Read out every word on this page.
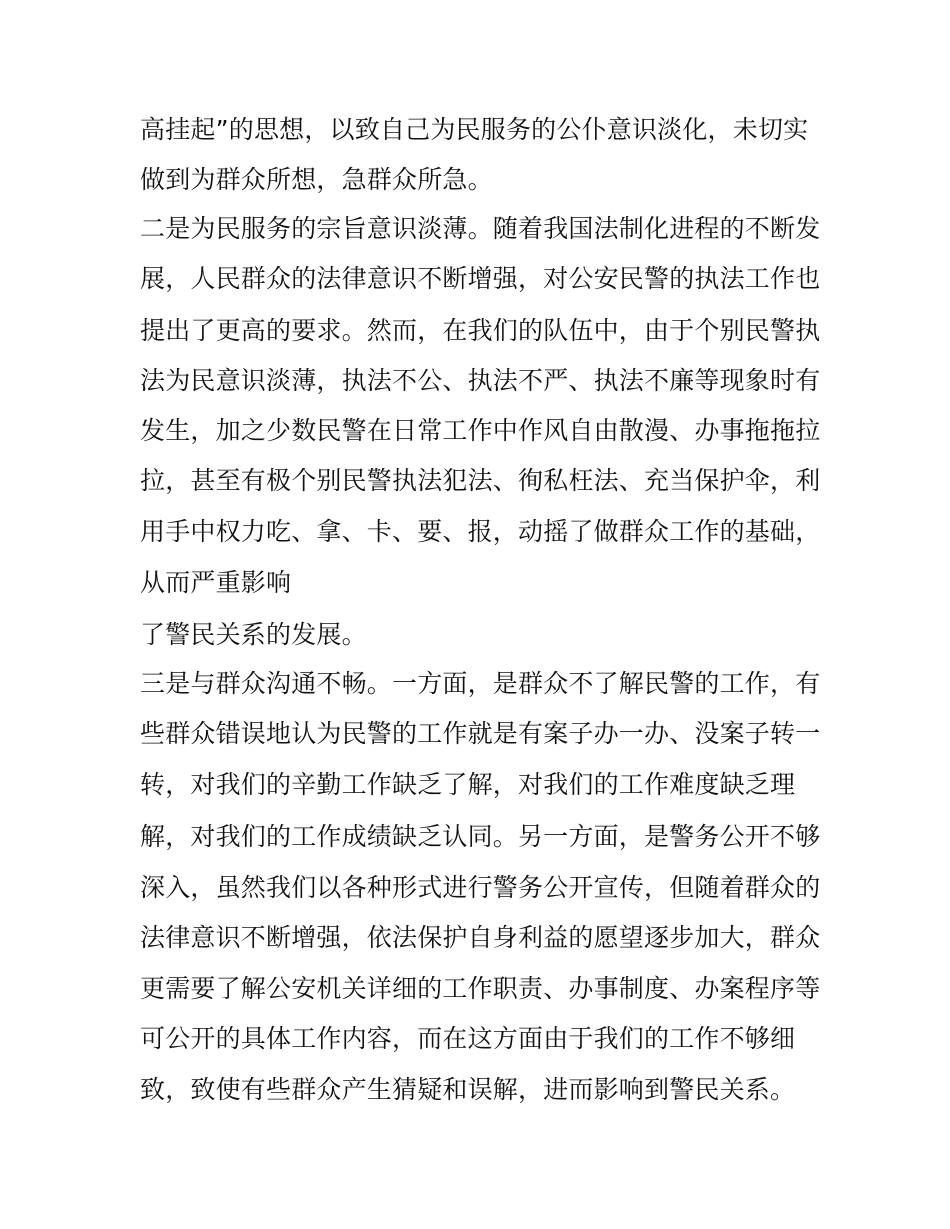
高挂起”的思想，以致自己为民服务的公仆意识淡化，未切实

做到为群众所想，急群众所急。

二是为民服务的宗旨意识淡薄。随着我国法制化进程的不断发

展，人民群众的法律意识不断增强，对公安民警的执法工作也

提出了更高的要求。然而，在我们的队伍中，由于个别民警执

法为民意识淡薄，执法不公、执法不严、执法不廉等现象时有

发生，加之少数民警在日常工作中作风自由散漫、办事拖拖拉

拉，甚至有极个别民警执法犯法、徇私枉法、充当保护伞，利

用手中权力吃、拿、卡、要、报，动摇了做群众工作的基础，

从而严重影响

了警民关系的发展。

三是与群众沟通不畅。一方面，是群众不了解民警的工作，有

些群众错误地认为民警的工作就是有案子办一办、没案子转一

转，对我们的辛勤工作缺乏了解，对我们的工作难度缺乏理

解，对我们的工作成绩缺乏认同。另一方面，是警务公开不够

深入，虽然我们以各种形式进行警务公开宣传，但随着群众的

法律意识不断增强，依法保护自身利益的愿望逐步加大，群众

更需要了解公安机关详细的工作职责、办事制度、办案程序等

可公开的具体工作内容，而在这方面由于我们的工作不够细

致，致使有些群众产生猜疑和误解，进而影响到警民关系。
